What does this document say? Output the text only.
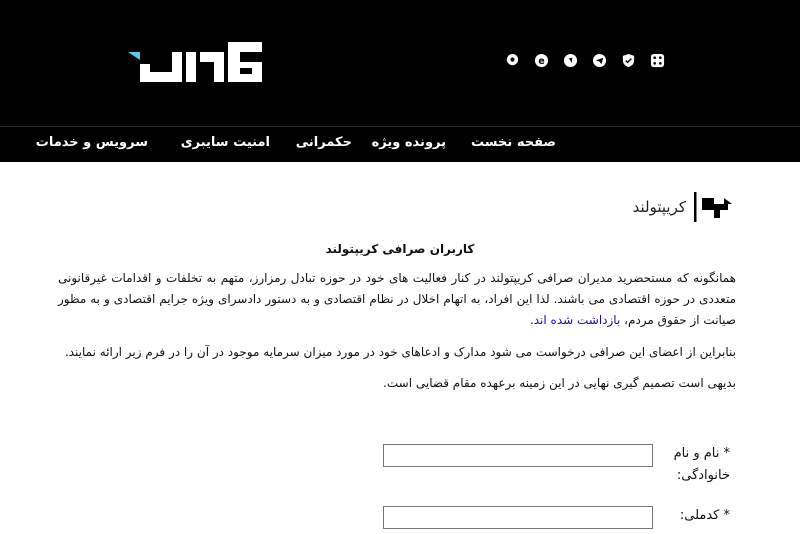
e
صفحه نخست
پرونده ویژه
حکمرانی
امنیت سایبری
سرویس و خدمات
کریپتولند
کاربران صرافی کریپتولند

همانگونه که مستحضرید مدیران صرافی کریپتولند در کنار فعالیت های خود در حوزه تبادل رمزارز، متهم به تخلفات و اقدامات غیرقانونی متعددی در حوزه اقتصادی می باشند. لذا این افراد، به اتهام اخلال در نظام اقتصادی و به دستور دادسرای ویژه جرایم اقتصادی و به مظور صیانت از حقوق مردم، بازداشت شده اند.

بنابراین از اعضای این صرافی درخواست می شود مدارک و ادعاهای خود در مورد میزان سرمایه موجود در آن را در فرم زیر ارائه نمایند.

بدیهی است تصمیم گیری نهایی در این زمینه برعهده مقام قضایی است.

* نام و نام خانوادگی:
* کدملی:
